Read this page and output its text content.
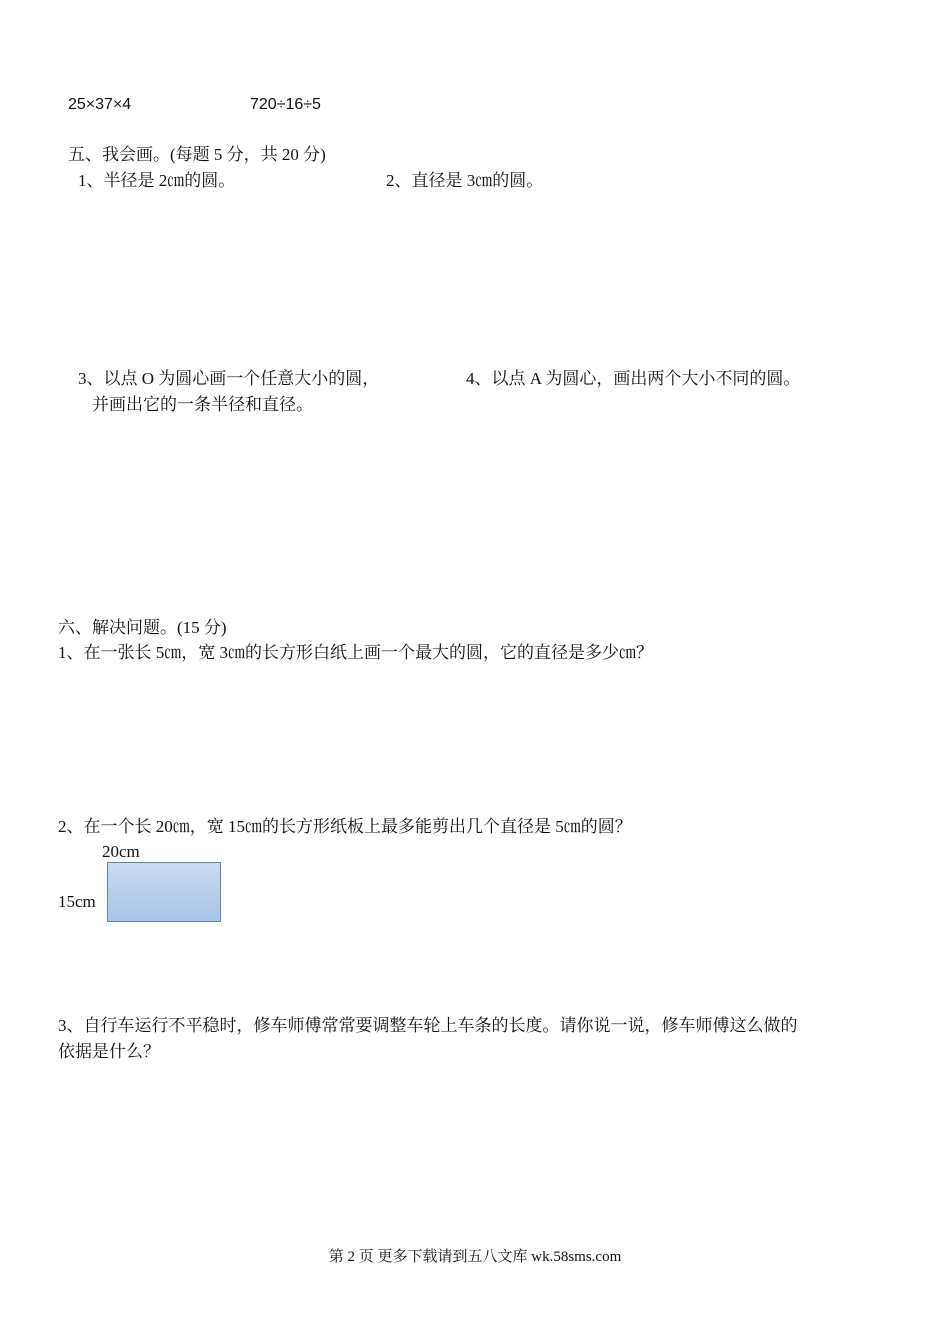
25×37×4	720÷16÷5
五、我会画。(每题 5 分，共 20 分)
1、半径是 2㎝的圆。	2、直径是 3㎝的圆。
3、以点 O 为圆心画一个任意大小的圆，
并画出它的一条半径和直径。
4、以点 A 为圆心，画出两个大小不同的圆。
六、解决问题。(15 分)
1、在一张长 5㎝，宽 3㎝的长方形白纸上画一个最大的圆，它的直径是多少㎝？
2、在一个长 20㎝，宽 15㎝的长方形纸板上最多能剪出几个直径是 5㎝的圆？
20cm
15cm
3、自行车运行不平稳时，修车师傅常常要调整车轮上车条的长度。请你说一说，修车师傅这么做的
依据是什么？
第 2 页 更多下载请到五八文库 wk.58sms.com
